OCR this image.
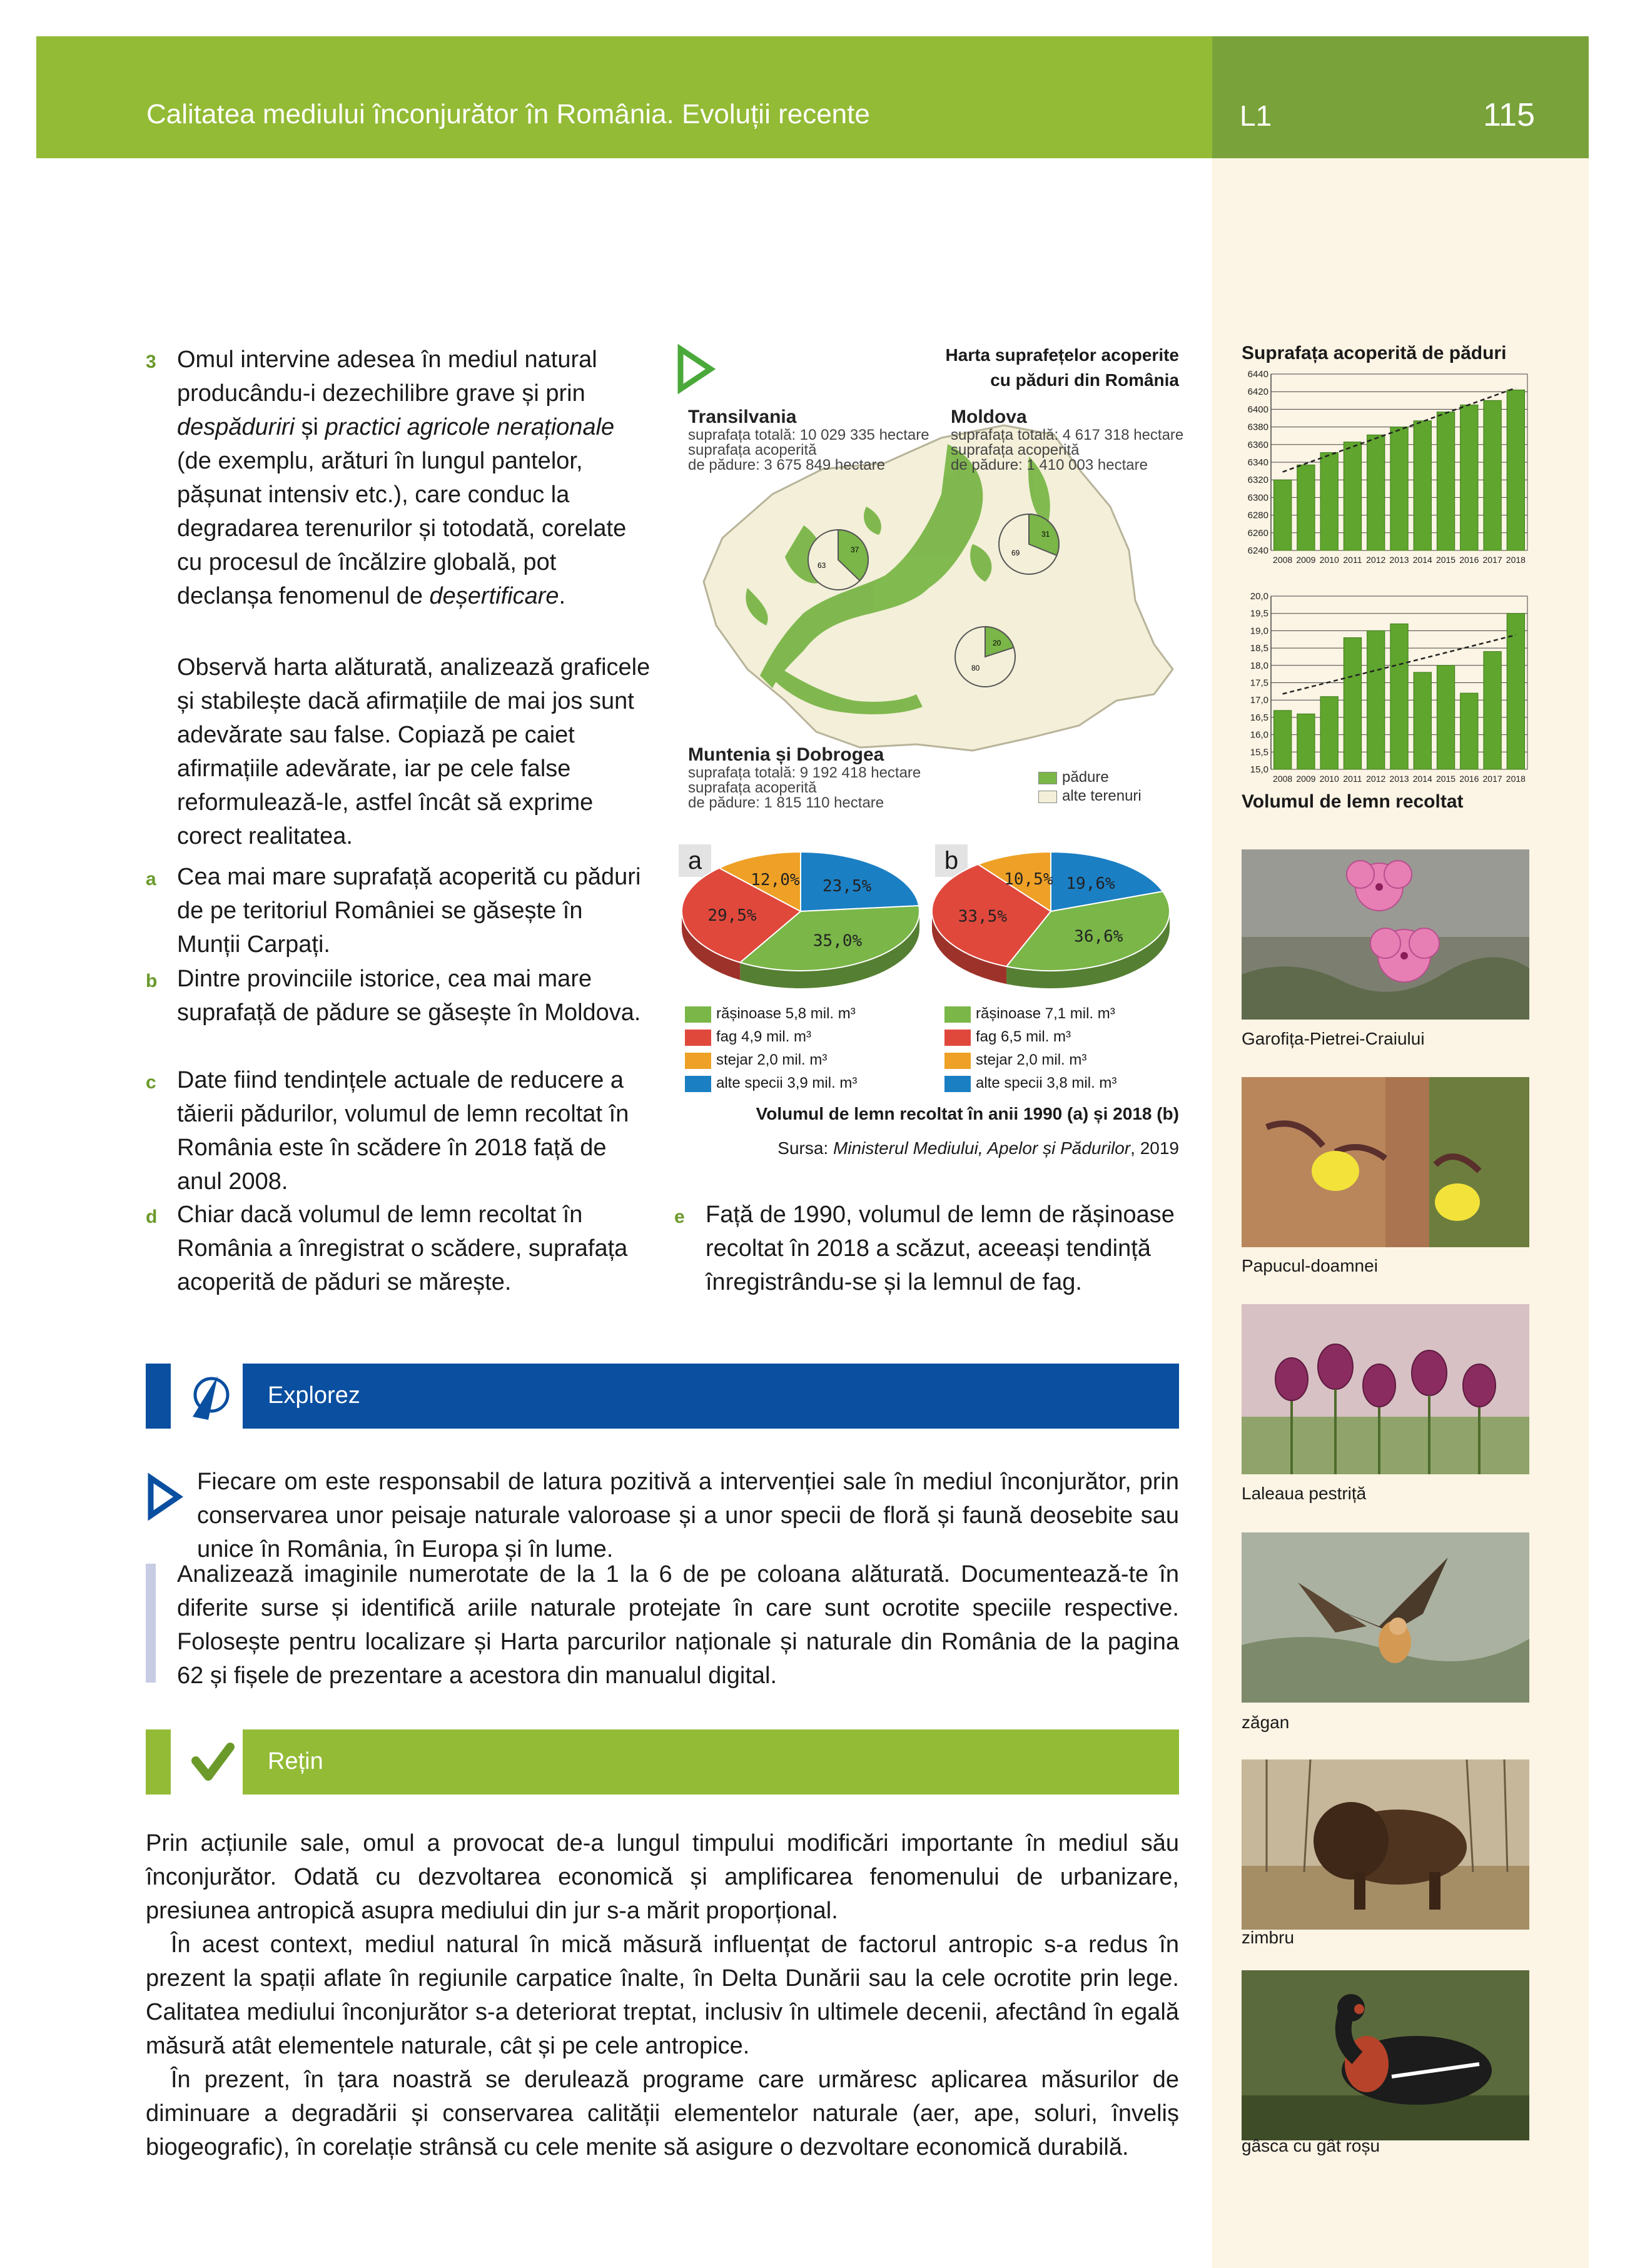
Calitatea mediului înconjurător în România. Evoluții recente	L1	115
3 Omul intervine adesea în mediul natural producându-i dezechilibre grave și prin despăduriri și practici agricole neraționale (de exemplu, arături în lungul pantelor, pășunat intensiv etc.), care conduc la degradarea terenurilor și totodată, corelate cu procesul de încălzire globală, pot declanșa fenomenul de deșertificare.

Observă harta alăturată, analizează graficele și stabilește dacă afirmațiile de mai jos sunt adevărate sau false. Copiază pe caiet afirmațiile adevărate, iar pe cele false reformulează-le, astfel încât să exprime corect realitatea.

a Cea mai mare suprafață acoperită cu păduri de pe teritoriul României se găsește în Munții Carpați.

b Dintre provinciile istorice, cea mai mare suprafață de pădure se găsește în Moldova.

c Date fiind tendințele actuale de reducere a tăierii pădurilor, volumul de lemn recoltat în România este în scădere în 2018 față de anul 2008.

d Chiar dacă volumul de lemn recoltat în România a înregistrat o scădere, suprafața acoperită de păduri se mărește.

e Față de 1990, volumul de lemn de rășinoase recoltat în 2018 a scăzut, aceeași tendință înregistrându-se și la lemnul de fag.

Harta suprafețelor acoperite
cu păduri din România
37
63
31
69
20
80
Transilvania
suprafața totală: 10 029 335 hectare
suprafața acoperită
de pădure: 3 675 849 hectare
Moldova
suprafața totală: 4 617 318 hectare
suprafața acoperită
de pădure: 1 410 003 hectare
Muntenia și Dobrogea
suprafața totală: 9 192 418 hectare
suprafața acoperită
de pădure: 1 815 110 hectare
pădure
alte terenuri
a	b
23,5%
35,0%
29,5%
12,0%	19,6%
36,6%
33,5%
10,5%
rășinoase 5,8 mil. m³
fag 4,9 mil. m³
stejar 2,0 mil. m³
alte specii 3,9 mil. m³
rășinoase 7,1 mil. m³
fag 6,5 mil. m³
stejar 2,0 mil. m³
alte specii 3,8 mil. m³
Volumul de lemn recoltat în anii 1990 (a) și 2018 (b)
Sursa: Ministerul Mediului, Apelor și Pădurilor, 2019
Suprafața acoperită de păduri
6240
6260
6280
6300
6320
6340
6360
6380
6400
6420
6440
2008 2009 2010 2011 2012 2013 2014 2015 2016 2017 2018
15,0
15,5
16,0
16,5
17,0
17,5
18,0
18,5
19,0
19,5
20,0
2008 2009 2010 2011 2012 2013 2014 2015 2016 2017 2018
Volumul de lemn recoltat
Garofița-Pietrei-Craiului
Papucul-doamnei
Laleaua pestriță
zăgan
zimbru
gâsca cu gât roșu
Explorez
Fiecare om este responsabil de latura pozitivă a intervenției sale în mediul înconjurător, prin conservarea unor peisaje naturale valoroase și a unor specii de floră și faună deosebite sau unice în România, în Europa și în lume.
Analizează imaginile numerotate de la 1 la 6 de pe coloana alăturată. Documentează-te în diferite surse și identifică ariile naturale protejate în care sunt ocrotite speciile respective. Folosește pentru localizare și Harta parcurilor naționale și naturale din România de la pagina 62 și fișele de prezentare a acestora din manualul digital.
Rețin
Prin acțiunile sale, omul a provocat de-a lungul timpului modificări importante în mediul său înconjurător. Odată cu dezvoltarea economică și amplificarea fenomenului de urbanizare, presiunea antropică asupra mediului din jur s-a mărit proporțional.
În acest context, mediul natural în mică măsură influențat de factorul antropic s-a redus în prezent la spații aflate în regiunile carpatice înalte, în Delta Dunării sau la cele ocrotite prin lege. Calitatea mediului înconjurător s-a deteriorat treptat, inclusiv în ultimele decenii, afectând în egală măsură atât elementele naturale, cât și pe cele antropice.
În prezent, în țara noastră se derulează programe care urmăresc aplicarea măsurilor de diminuare a degradării și conservarea calității elementelor naturale (aer, ape, soluri, înveliș biogeografic), în corelație strânsă cu cele menite să asigure o dezvoltare economică durabilă.
